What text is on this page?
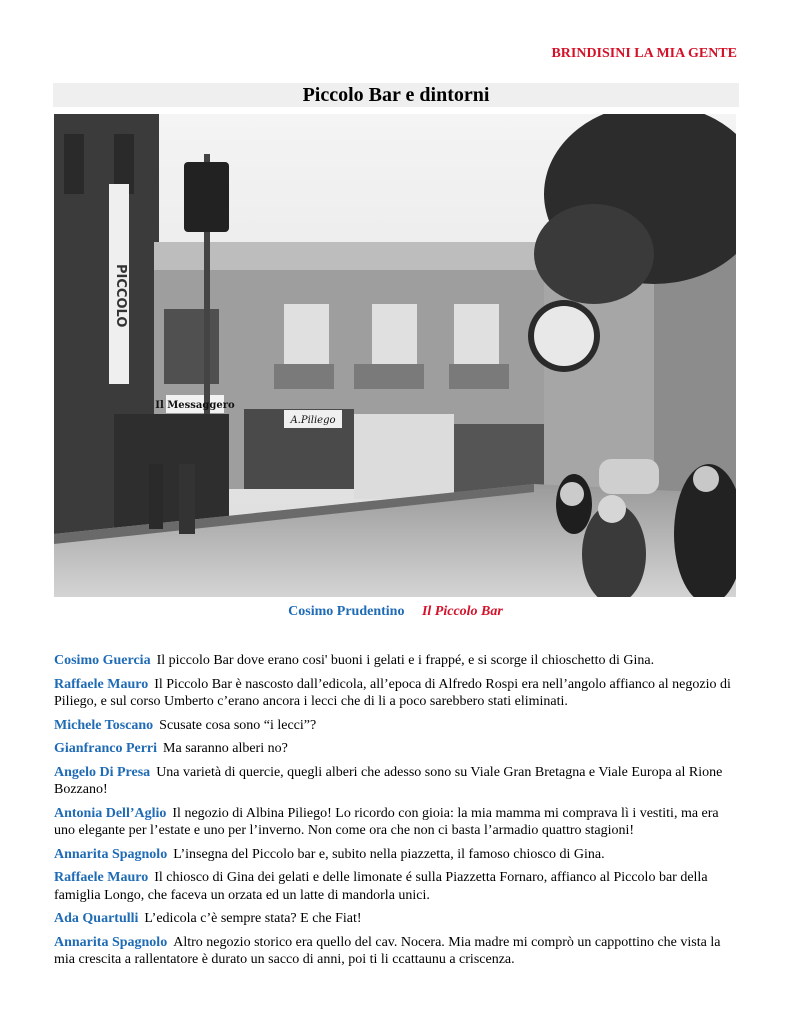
BRINDISINI LA MIA GENTE
Piccolo Bar e dintorni
PICCOLO
Il Messaggero
A.Piliego
Cosimo Prudentino Il Piccolo Bar

Cosimo Guercia Il piccolo Bar dove erano cosi' buoni i gelati e i frappé, e si scorge il chioschetto di Gina.

Raffaele Mauro Il Piccolo Bar è nascosto dall’edicola, all’epoca di Alfredo Rospi era nell’angolo affianco al negozio di Piliego, e sul corso Umberto c’erano ancora i lecci che di li a poco sarebbero stati eliminati.

Michele Toscano Scusate cosa sono “i lecci”?

Gianfranco Perri Ma saranno alberi no?

Angelo Di Presa Una varietà di quercie, quegli alberi che adesso sono su Viale Gran Bretagna e Viale Europa al Rione Bozzano!

Antonia Dell’Aglio Il negozio di Albina Piliego! Lo ricordo con gioia: la mia mamma mi comprava lì i vestiti, ma era uno elegante per l’estate e uno per l’inverno. Non come ora che non ci basta l’armadio quattro stagioni!

Annarita Spagnolo L’insegna del Piccolo bar e, subito nella piazzetta, il famoso chiosco di Gina.

Raffaele Mauro Il chiosco di Gina dei gelati e delle limonate é sulla Piazzetta Fornaro, affianco al Piccolo bar della famiglia Longo, che faceva un orzata ed un latte di mandorla unici.

Ada Quartulli L’edicola c’è sempre stata? E che Fiat!

Annarita Spagnolo Altro negozio storico era quello del cav. Nocera. Mia madre mi comprò un cappottino che vista la mia crescita a rallentatore è durato un sacco di anni, poi ti li ccattaunu a criscenza.
